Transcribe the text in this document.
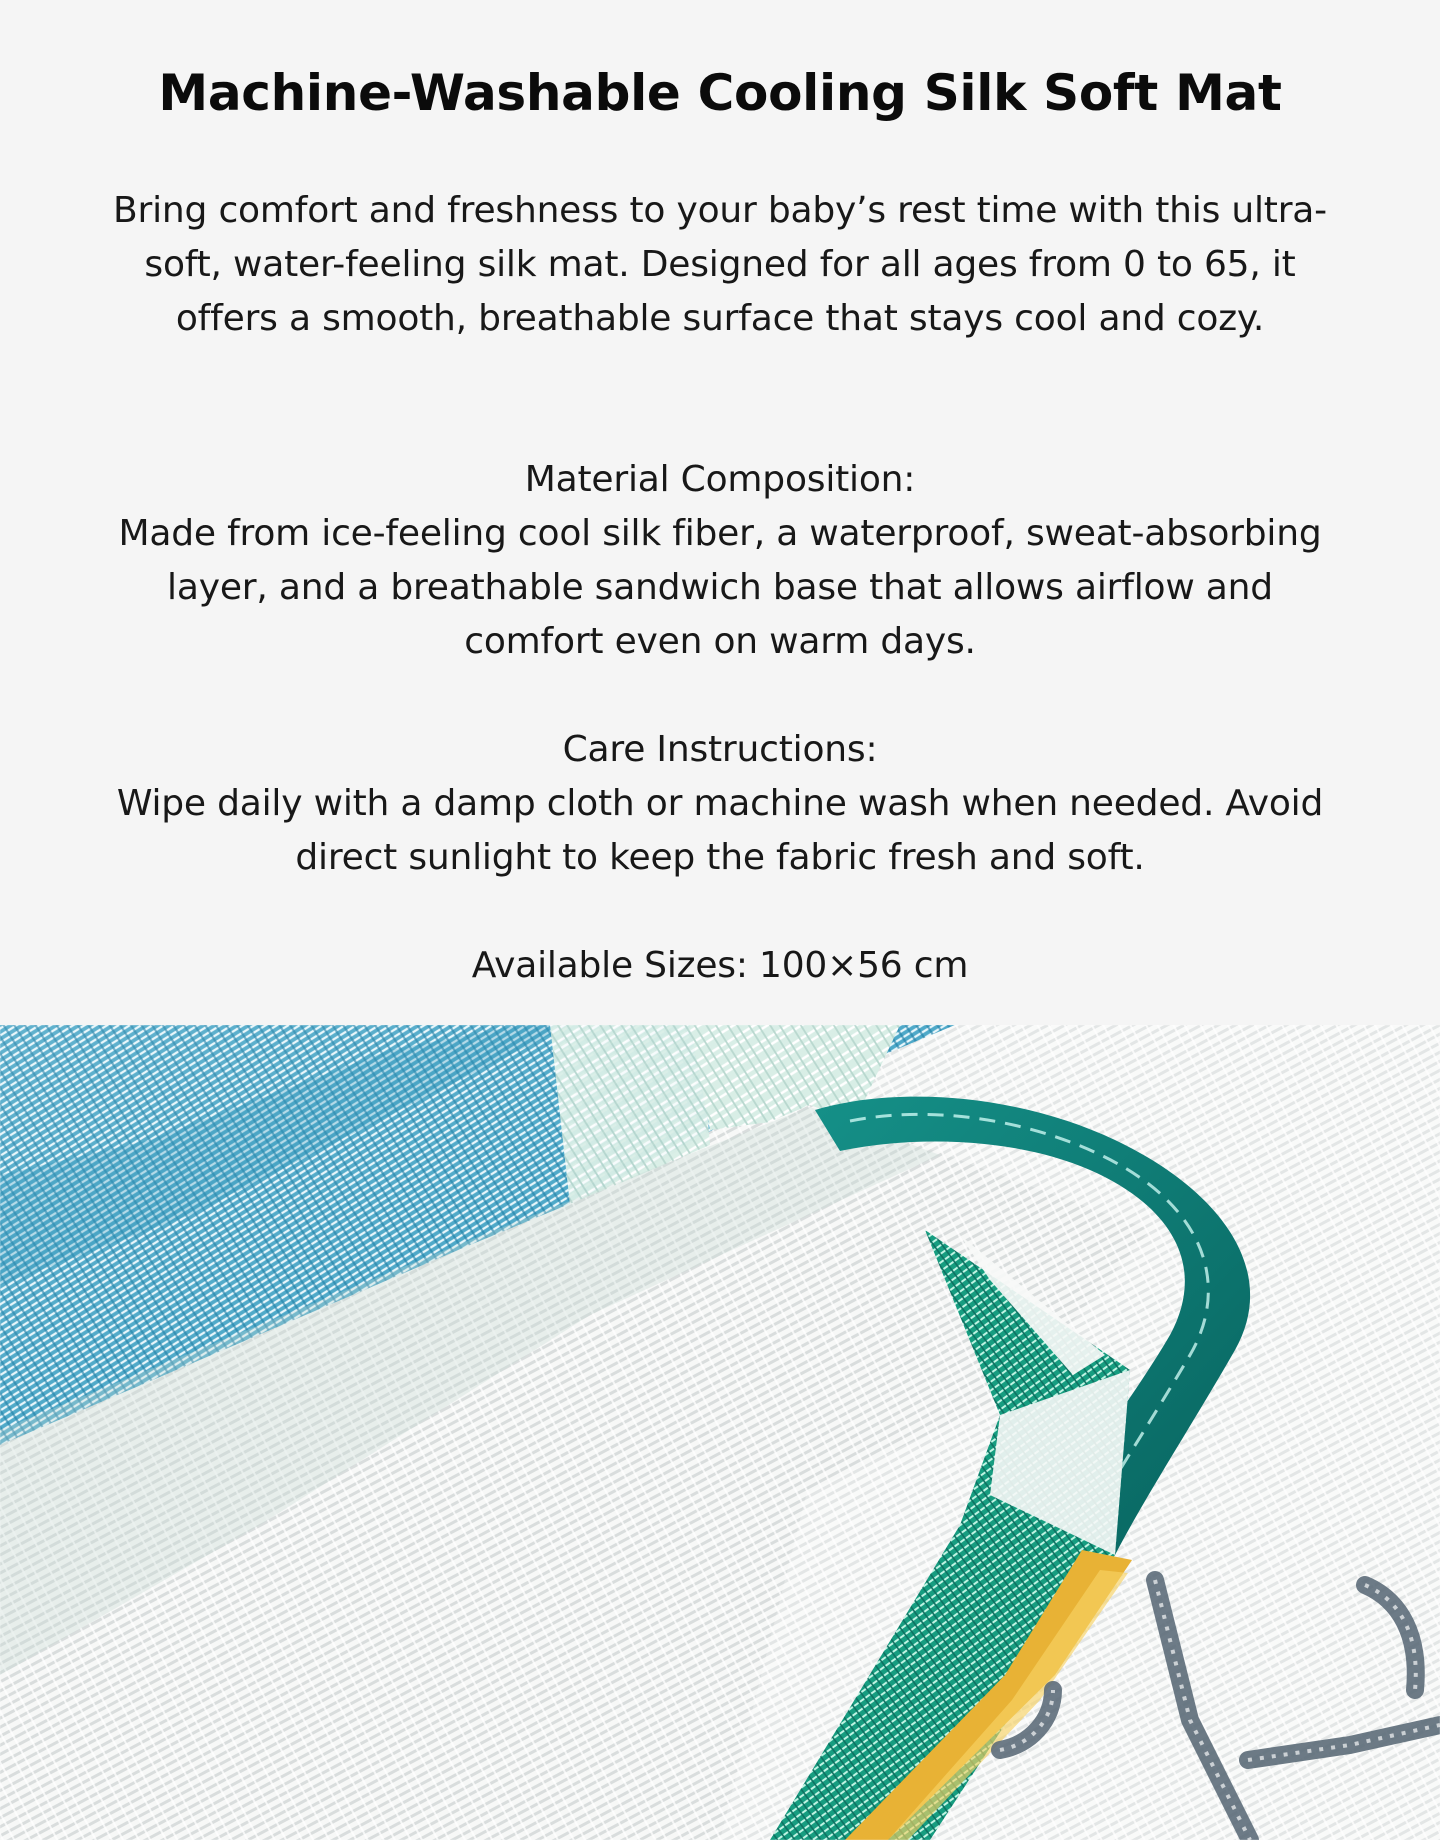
Machine-Washable Cooling Silk Soft Mat
Bring comfort and freshness to your baby’s rest time with this ultra-soft, water-feeling silk mat. Designed for all ages from 0 to 65, it offers a smooth, breathable surface that stays cool and cozy.
Material Composition:
Made from ice-feeling cool silk fiber, a waterproof, sweat-absorbing layer, and a breathable sandwich base that allows airflow and comfort even on warm days.
Care Instructions:
Wipe daily with a damp cloth or machine wash when needed. Avoid direct sunlight to keep the fabric fresh and soft.
Available Sizes: 100×56 cm
